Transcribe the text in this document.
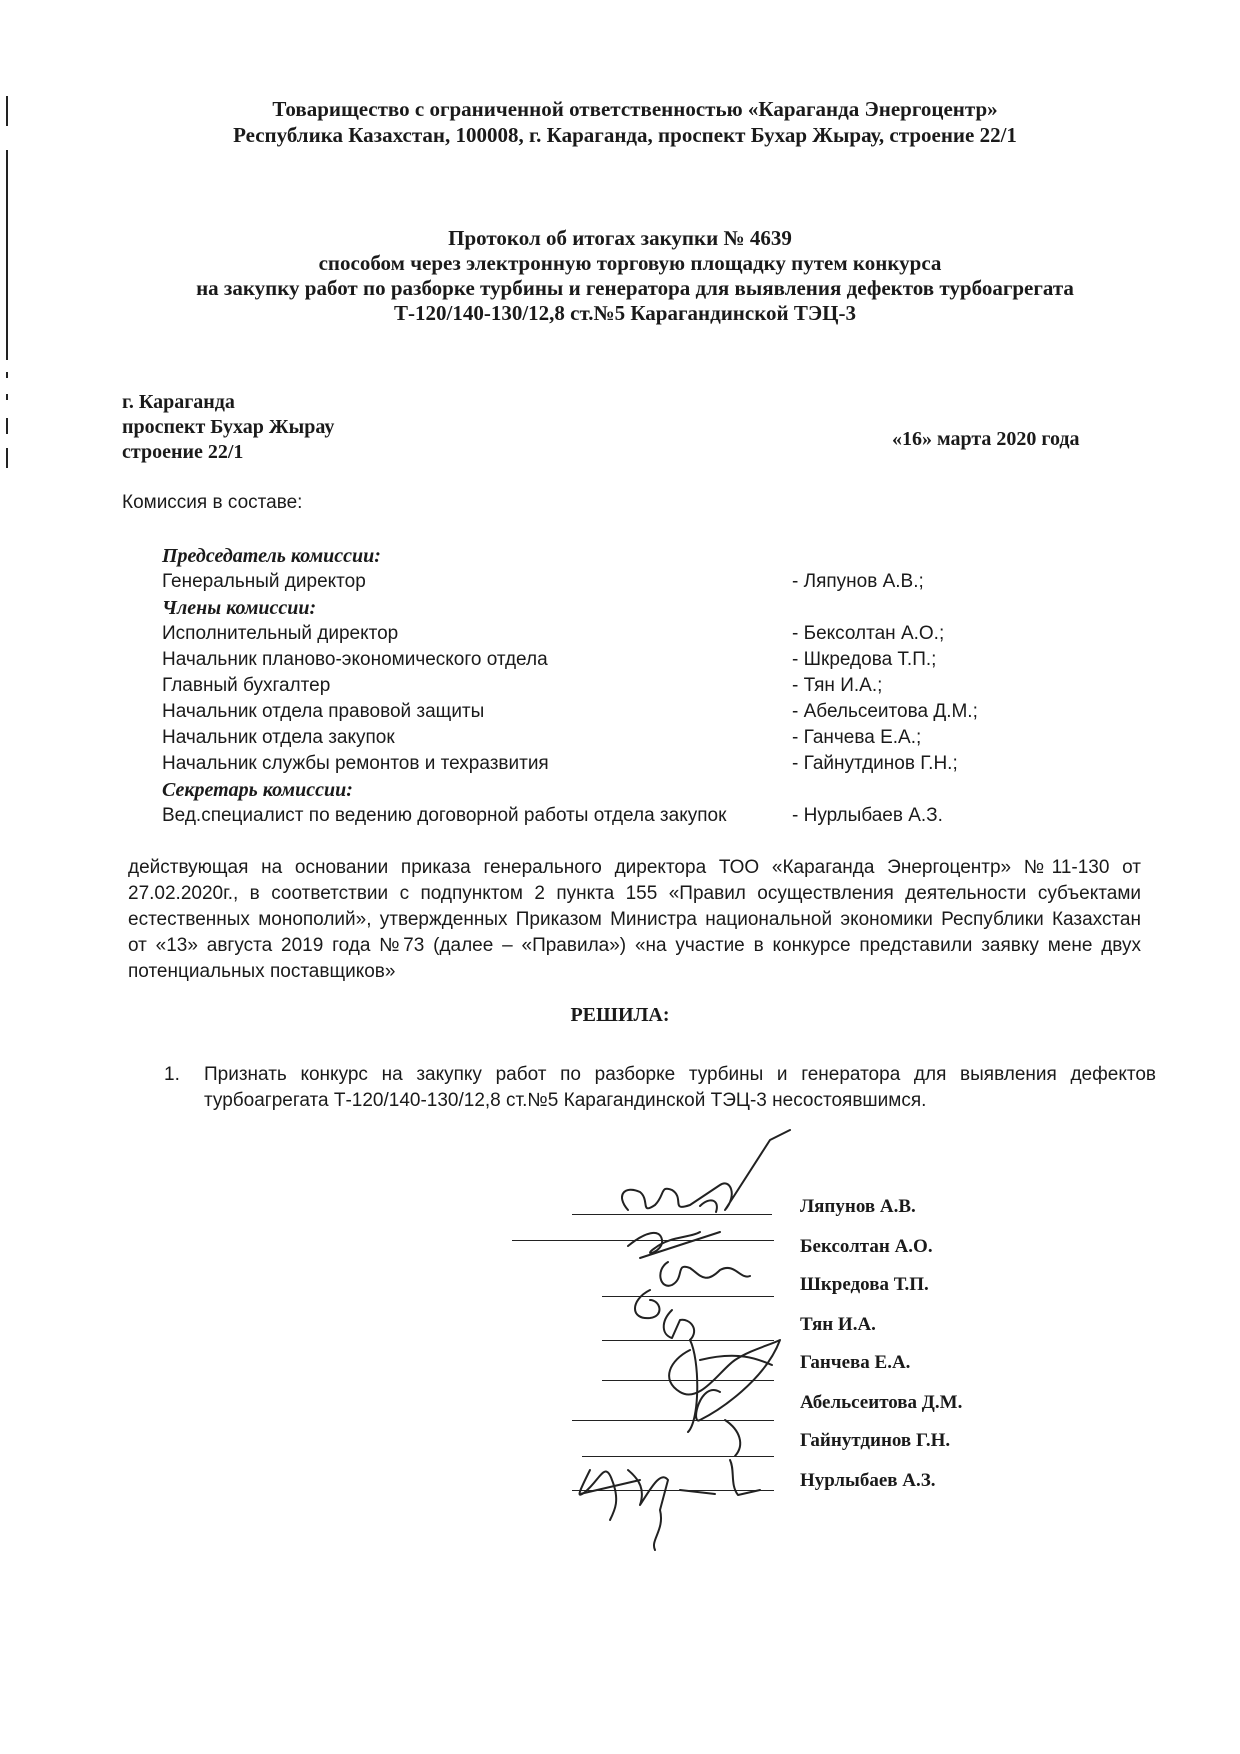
Товарищество с ограниченной ответственностью «Караганда Энергоцентр»
Республика Казахстан, 100008, г. Караганда, проспект Бухар Жырау, строение 22/1
Протокол об итогах закупки № 4639
способом через электронную торговую площадку путем конкурса
на закупку работ по разборке турбины и генератора для выявления дефектов турбоагрегата
Т-120/140-130/12,8 ст.№5 Карагандинской ТЭЦ-3
г. Караганда
проспект Бухар Жырау
строение 22/1
«16» марта 2020 года
Комиссия в составе:
Председатель комиссии:
Генеральный директор	- Ляпунов А.В.;
Члены комиссии:
Исполнительный директор	- Бексолтан А.О.;
Начальник планово-экономического отдела	- Шкредова Т.П.;
Главный бухгалтер	- Тян И.А.;
Начальник отдела правовой защиты	- Абельсеитова Д.М.;
Начальник отдела закупок	- Ганчева Е.А.;
Начальник службы ремонтов и техразвития	- Гайнутдинов Г.Н.;
Секретарь комиссии:
Вед.специалист по ведению договорной работы отдела закупок	- Нурлыбаев А.З.
действующая на основании приказа генерального директора ТОО «Караганда Энергоцентр» №11-130 от 27.02.2020г., в соответствии с подпунктом 2 пункта 155 «Правил осуществления деятельности субъектами естественных монополий», утвержденных Приказом Министра национальной экономики Республики Казахстан от «13» августа 2019 года №73 (далее – «Правила») «на участие в конкурсе представили заявку мене двух потенциальных поставщиков»
РЕШИЛА:
1. Признать конкурс на закупку работ по разборке турбины и генератора для выявления дефектов турбоагрегата Т-120/140-130/12,8 ст.№5 Карагандинской ТЭЦ-3 несостоявшимся.
Ляпунов А.В.
Бексолтан А.О.
Шкредова Т.П.
Тян И.А.
Ганчева Е.А.
Абельсеитова Д.М.
Гайнутдинов Г.Н.
Нурлыбаев А.З.
